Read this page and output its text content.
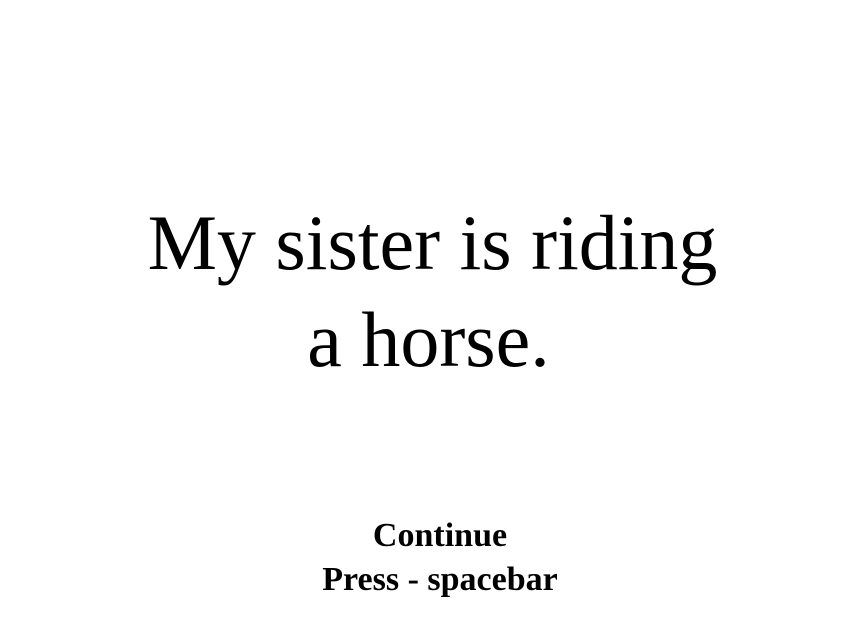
My sister is riding
a horse.
Continue
Press - spacebar
